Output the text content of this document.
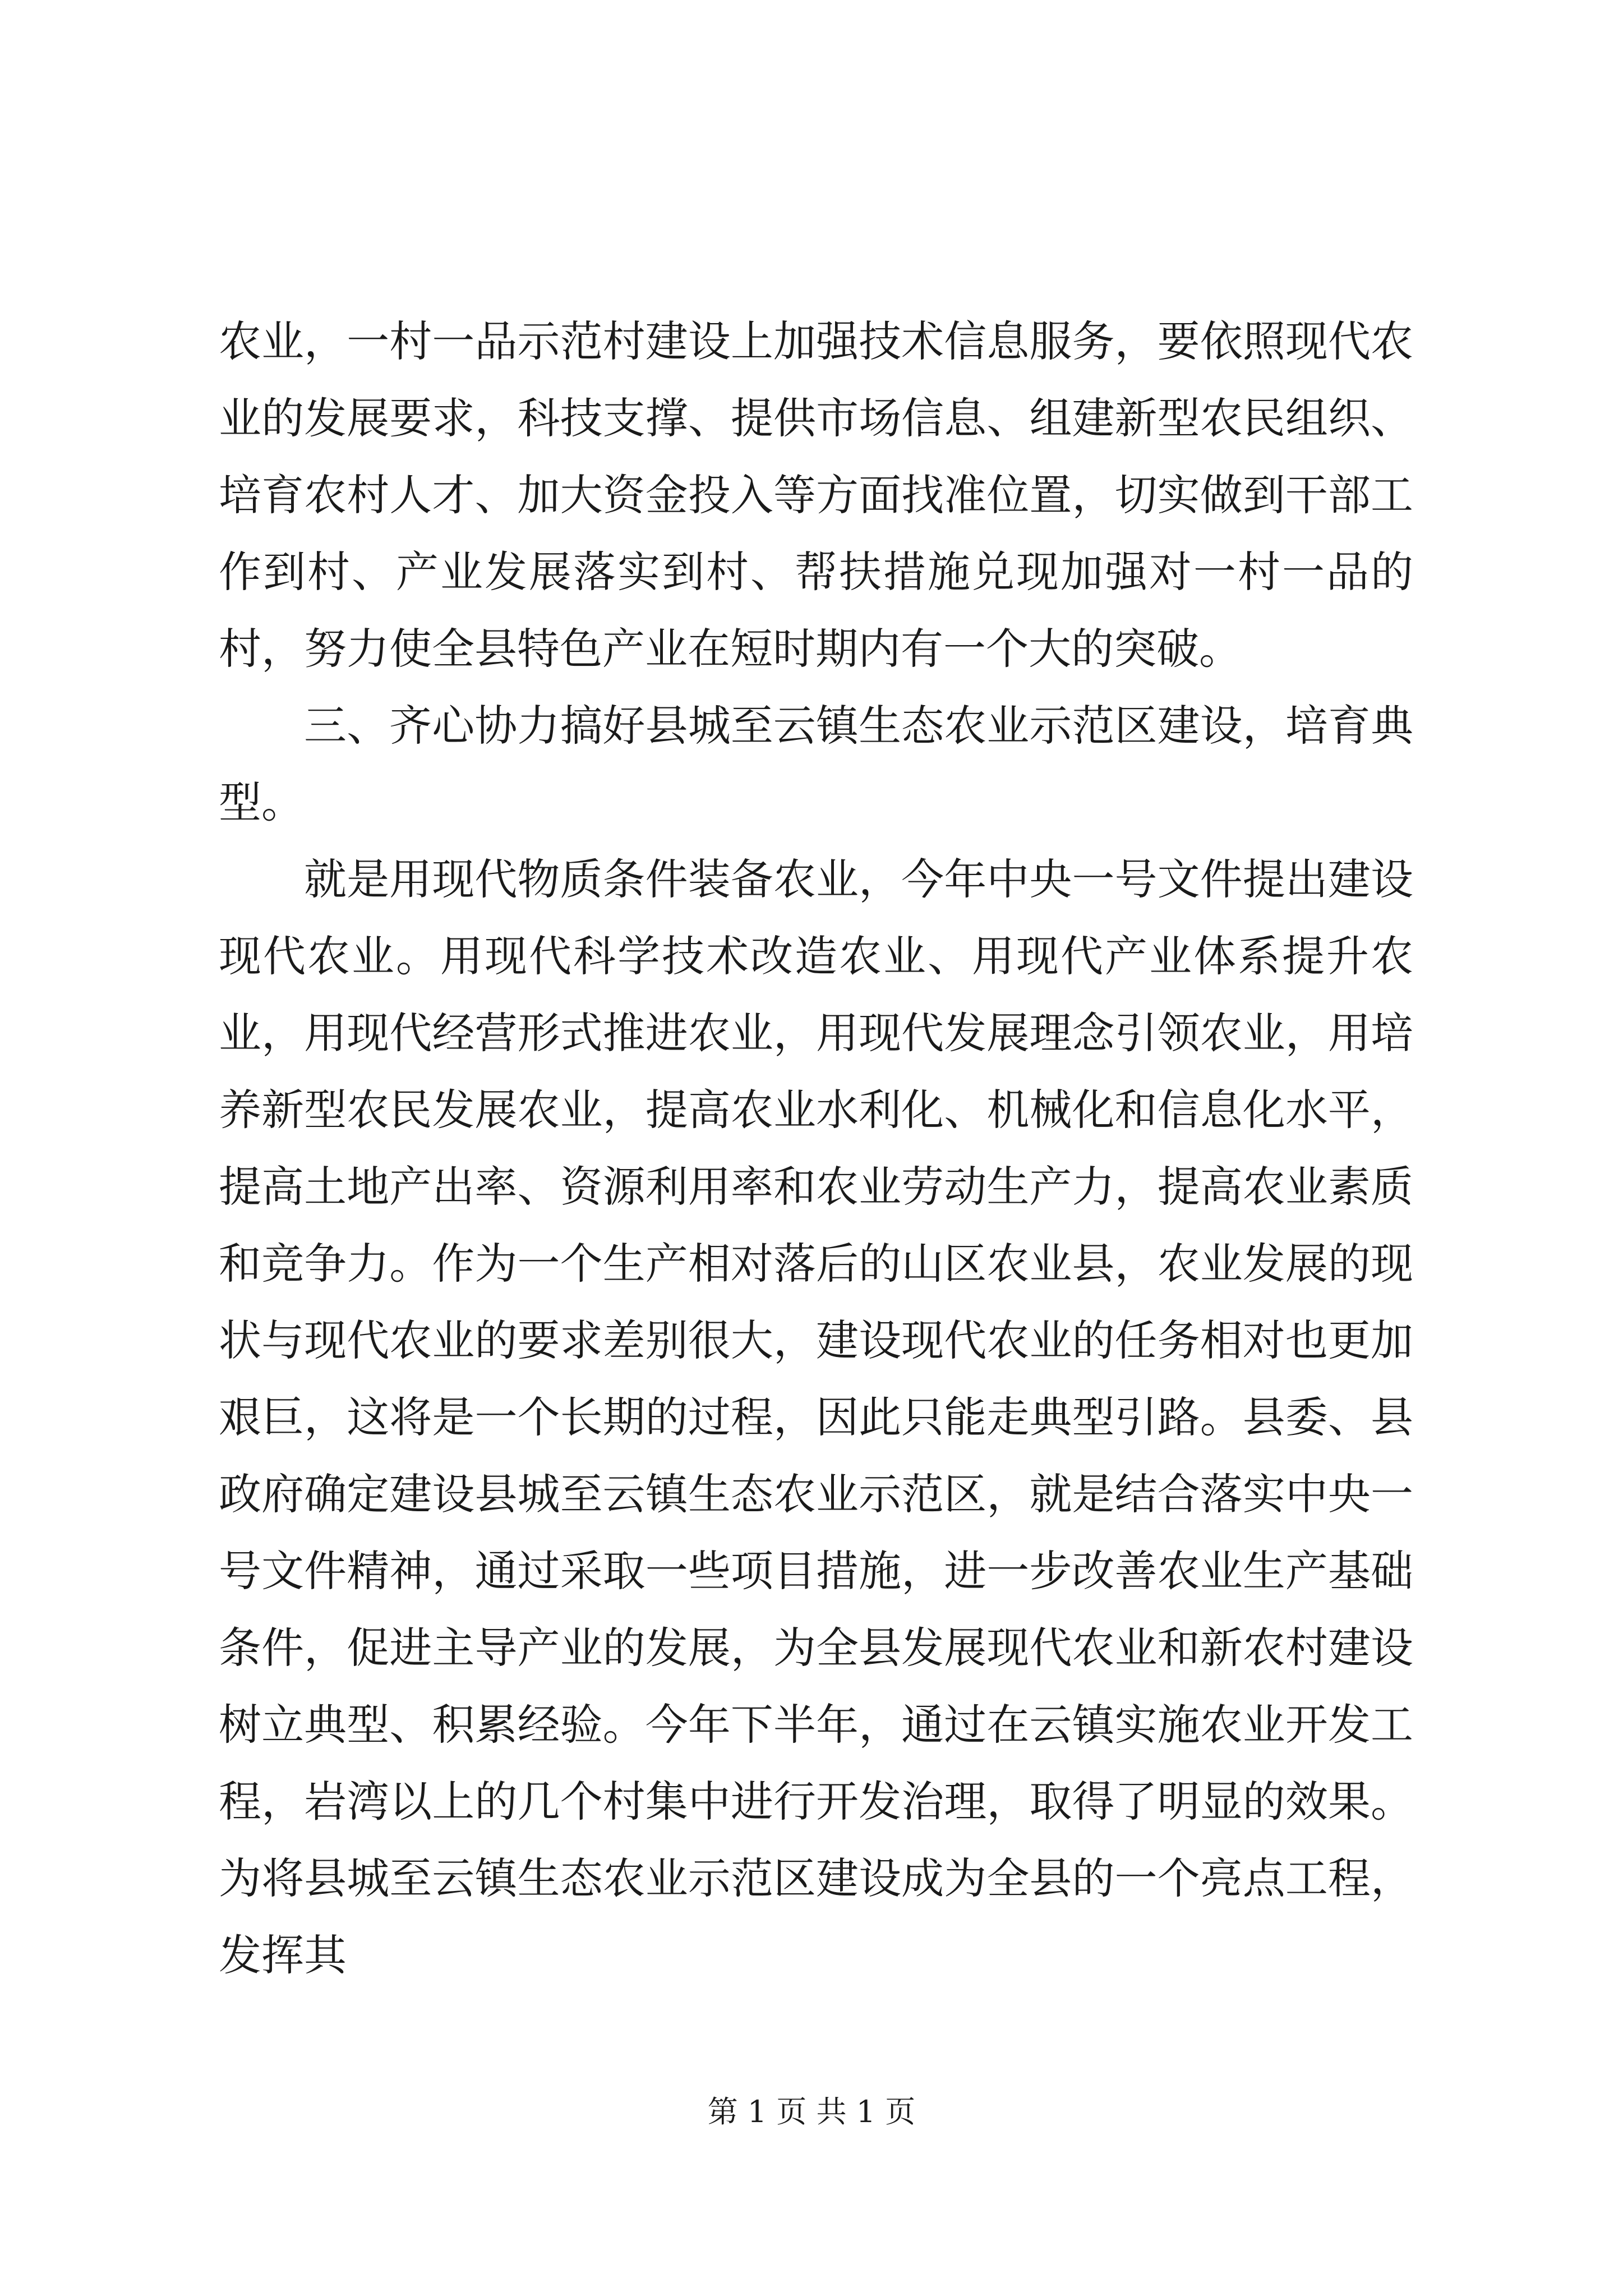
农业，一村一品示范村建设上加强技术信息服务，要依照现代农业的发展要求，科技支撑、提供市场信息、组建新型农民组织、培育农村人才、加大资金投入等方面找准位置，切实做到干部工作到村、产业发展落实到村、帮扶措施兑现加强对一村一品的村，努力使全县特色产业在短时期内有一个大的突破。

三、齐心协力搞好县城至云镇生态农业示范区建设，培育典型。

就是用现代物质条件装备农业，今年中央一号文件提出建设现代农业。用现代科学技术改造农业、用现代产业体系提升农业，用现代经营形式推进农业，用现代发展理念引领农业，用培养新型农民发展农业，提高农业水利化、机械化和信息化水平，提高土地产出率、资源利用率和农业劳动生产力，提高农业素质和竞争力。作为一个生产相对落后的山区农业县，农业发展的现状与现代农业的要求差别很大，建设现代农业的任务相对也更加艰巨，这将是一个长期的过程，因此只能走典型引路。县委、县政府确定建设县城至云镇生态农业示范区，就是结合落实中央一号文件精神，通过采取一些项目措施，进一步改善农业生产基础条件，促进主导产业的发展，为全县发展现代农业和新农村建设树立典型、积累经验。今年下半年，通过在云镇实施农业开发工程，岩湾以上的几个村集中进行开发治理，取得了明显的效果。为将县城至云镇生态农业示范区建设成为全县的一个亮点工程，发挥其

第 1 页 共 1 页
